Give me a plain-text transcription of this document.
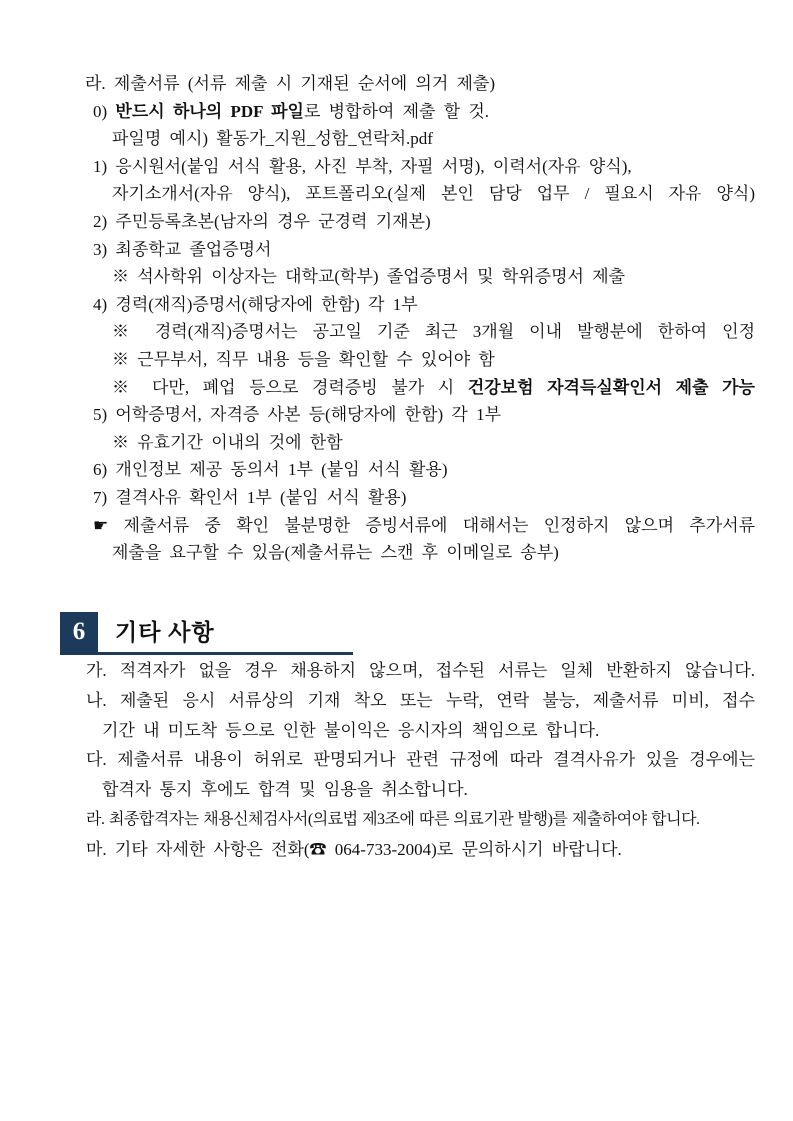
라. 제출서류 (서류 제출 시 기재된 순서에 의거 제출)
0) 반드시 하나의 PDF 파일로 병합하여 제출 할 것.
파일명 예시) 활동가_지원_성함_연락처.pdf
1) 응시원서(붙임 서식 활용, 사진 부착, 자필 서명), 이력서(자유 양식),
자기소개서(자유 양식), 포트폴리오(실제 본인 담당 업무 / 필요시 자유 양식)
2) 주민등록초본(남자의 경우 군경력 기재본)
3) 최종학교 졸업증명서
※ 석사학위 이상자는 대학교(학부) 졸업증명서 및 학위증명서 제출
4) 경력(재직)증명서(해당자에 한함) 각 1부
※ 경력(재직)증명서는 공고일 기준 최근 3개월 이내 발행분에 한하여 인정
※ 근무부서, 직무 내용 등을 확인할 수 있어야 함
※ 다만, 폐업 등으로 경력증빙 불가 시 건강보험 자격득실확인서 제출 가능
5) 어학증명서, 자격증 사본 등(해당자에 한함) 각 1부
※ 유효기간 이내의 것에 한함
6) 개인정보 제공 동의서 1부 (붙임 서식 활용)
7) 결격사유 확인서 1부 (붙임 서식 활용)
☛ 제출서류 중 확인 불분명한 증빙서류에 대해서는 인정하지 않으며 추가서류
제출을 요구할 수 있음(제출서류는 스캔 후 이메일로 송부)
6	기타 사항
가. 적격자가 없을 경우 채용하지 않으며, 접수된 서류는 일체 반환하지 않습니다.
나. 제출된 응시 서류상의 기재 착오 또는 누락, 연락 불능, 제출서류 미비, 접수
기간 내 미도착 등으로 인한 불이익은 응시자의 책임으로 합니다.
다. 제출서류 내용이 허위로 판명되거나 관련 규정에 따라 결격사유가 있을 경우에는
합격자 통지 후에도 합격 및 임용을 취소합니다.
라. 최종합격자는 채용신체검사서(의료법 제3조에 따른 의료기관 발행)를 제출하여야 합니다.
마. 기타 자세한 사항은 전화(☎ 064-733-2004)로 문의하시기 바랍니다.
